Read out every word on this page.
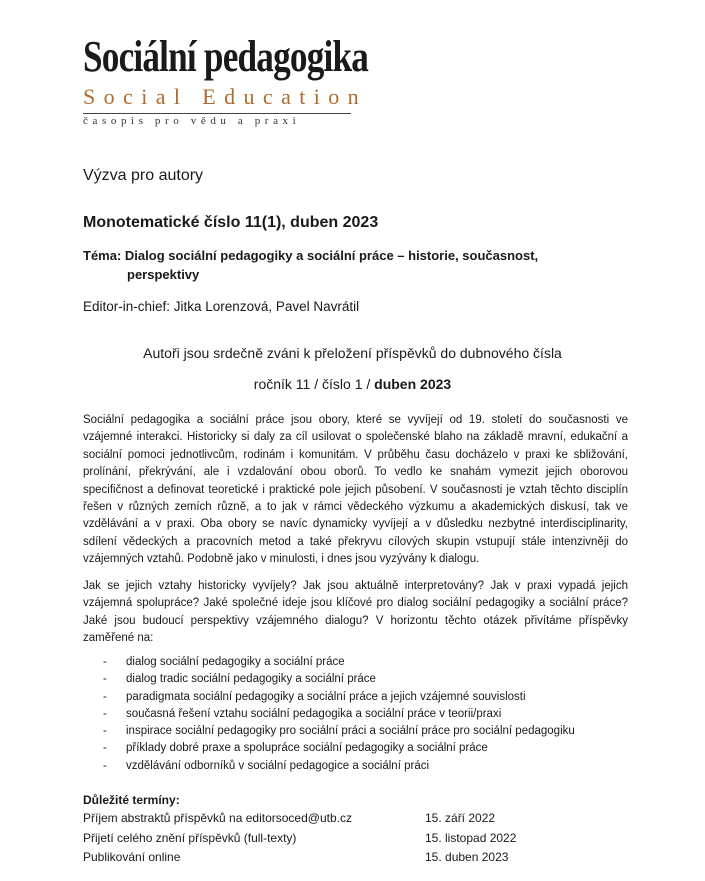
Sociální pedagogika
Social Education
časopis pro vědu a praxi
Výzva pro autory
Monotematické číslo 11(1), duben 2023
Téma: Dialog sociální pedagogiky a sociální práce – historie, současnost,
perspektivy
Editor-in-chief: Jitka Lorenzová, Pavel Navrátil
Autoři jsou srdečně zváni k přeložení příspěvků do dubnového čísla
ročník 11 / číslo 1 / duben 2023
Sociální pedagogika a sociální práce jsou obory, které se vyvíjejí od 19. století do současnosti ve vzájemné interakci. Historicky si daly za cíl usilovat o společenské blaho na základě mravní, edukační a sociální pomoci jednotlivcům, rodinám i komunitám. V průběhu času docházelo v praxi ke sbližování, prolínání, překrývání, ale i vzdalování obou oborů. To vedlo ke snahám vymezit jejich oborovou specifičnost a definovat teoretické i praktické pole jejich působení. V současnosti je vztah těchto disciplín řešen v různých zemích různě, a to jak v rámci vědeckého výzkumu a akademických diskusí, tak ve vzdělávání a v praxi. Oba obory se navíc dynamicky vyvíjejí a v důsledku nezbytné interdisciplinarity, sdílení vědeckých a pracovních metod a také překryvu cílových skupin vstupují stále intenzivněji do vzájemných vztahů. Podobně jako v minulosti, i dnes jsou vyzývány k dialogu.
Jak se jejich vztahy historicky vyvíjely? Jak jsou aktuálně interpretovány? Jak v praxi vypadá jejich vzájemná spolupráce? Jaké společné ideje jsou klíčové pro dialog sociální pedagogiky a sociální práce? Jaké jsou budoucí perspektivy vzájemného dialogu? V horizontu těchto otázek přivítáme příspěvky zaměřené na:
- dialog sociální pedagogiky a sociální práce
- dialog tradic sociální pedagogiky a sociální práce
- paradigmata sociální pedagogiky a sociální práce a jejich vzájemné souvislosti
- současná řešení vztahu sociální pedagogika a sociální práce v teorii/praxi
- inspirace sociální pedagogiky pro sociální práci a sociální práce pro sociální pedagogiku
- příklady dobré praxe a spolupráce sociální pedagogiky a sociální práce
- vzdělávání odborníků v sociální pedagogice a sociální práci
Důležité termíny:
Příjem abstraktů příspěvků na editorsoced@utb.cz	15. září 2022
Přijetí celého znění příspěvků (full-texty)	15. listopad 2022
Publikování online	15. duben 2023
